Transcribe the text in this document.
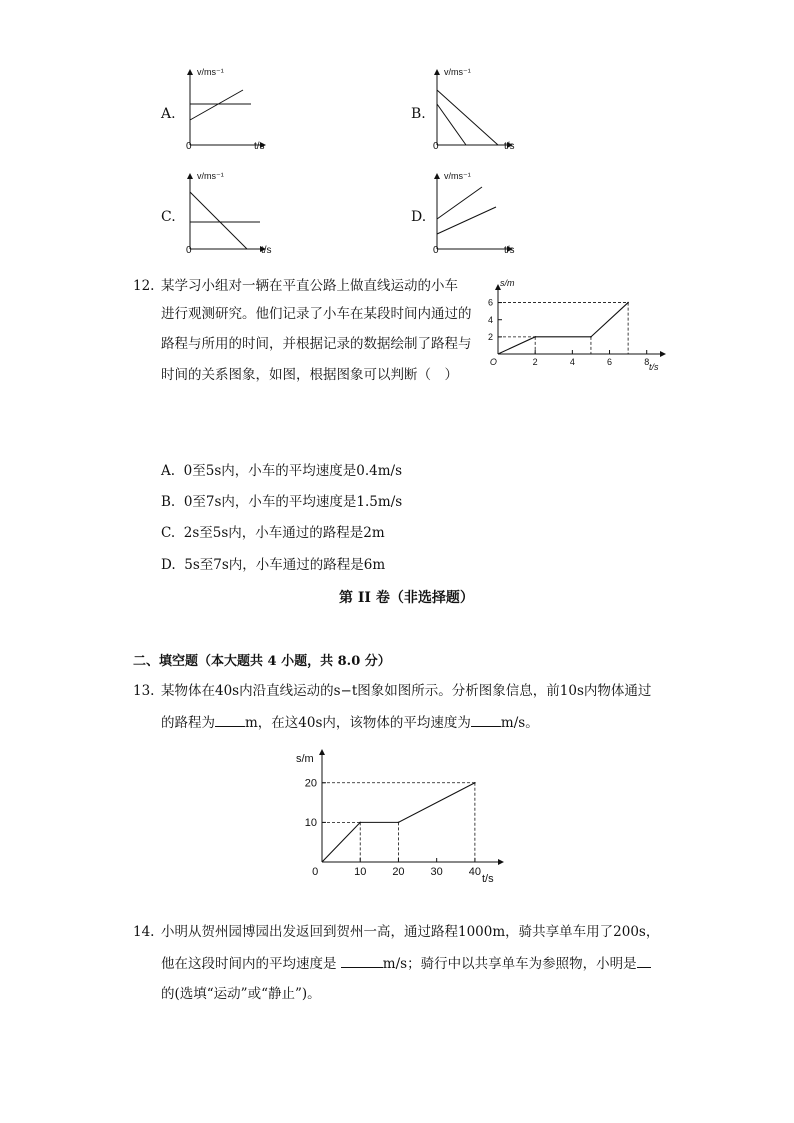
A.
v/ms⁻¹
t/s
0
B.
v/ms⁻¹
t/s
0
C.
v/ms⁻¹
t/s
0
D.
v/ms⁻¹
t/s
0
12. 某学习小组对一辆在平直公路上做直线运动的小车
进行观测研究。他们记录了小车在某段时间内通过的
路程与所用的时间，并根据记录的数据绘制了路程与
时间的关系图象，如图，根据图象可以判断（　）
s/m
t/s
O	2	4	6	8
2
4
6
A. 0至5s内，小车的平均速度是0.4m/s
B. 0至7s内，小车的平均速度是1.5m/s
C. 2s至5s内，小车通过的路程是2m
D. 5s至7s内，小车通过的路程是6m
第 II 卷（非选择题）
二、填空题（本大题共 4 小题，共 8.0 分）
13. 某物体在40s内沿直线运动的s−t图象如图所示。分析图象信息，前10s内物体通过
的路程为 m，在这40s内，该物体的平均速度为 m/s。
s/m
t/s
0	10 20 30 40
10
20
14. 小明从贺州园博园出发返回到贺州一高，通过路程1000m，骑共享单车用了200s，
他在这段时间内的平均速度是	m/s；骑行中以共享单车为参照物，小明是
的(选填“运动”或“静止”)。
